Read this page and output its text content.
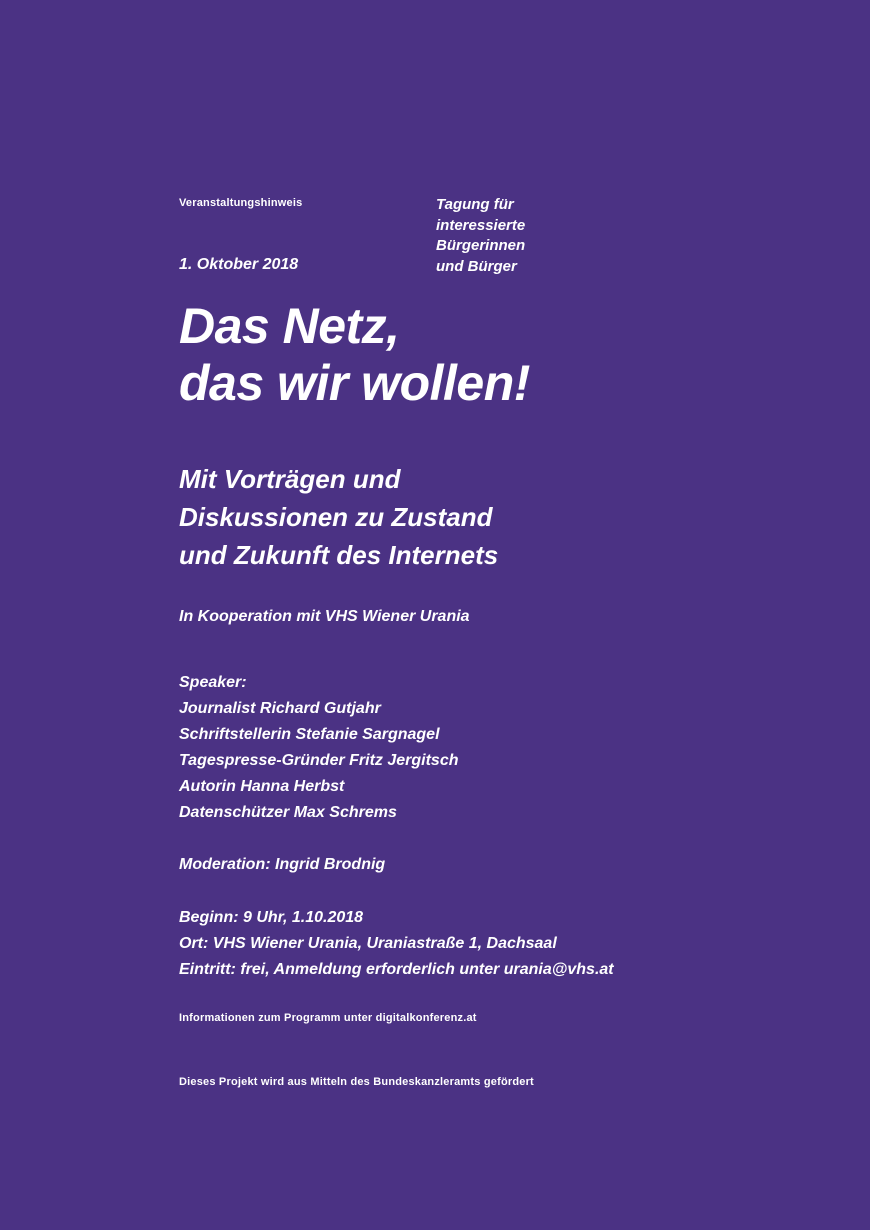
Veranstaltungshinweis
1. Oktober 2018
Tagung für
interessierte
Bürgerinnen
und Bürger
Das Netz,
das wir wollen!
Mit Vorträgen und
Diskussionen zu Zustand
und Zukunft des Internets
In Kooperation mit VHS Wiener Urania
Speaker:
Journalist Richard Gutjahr
Schriftstellerin Stefanie Sargnagel
Tagespresse-Gründer Fritz Jergitsch
Autorin Hanna Herbst
Datenschützer Max Schrems
Moderation: Ingrid Brodnig
Beginn: 9 Uhr, 1.10.2018
Ort: VHS Wiener Urania, Uraniastraße 1, Dachsaal
Eintritt: frei, Anmeldung erforderlich unter urania@vhs.at
Informationen zum Programm unter digitalkonferenz.at
Dieses Projekt wird aus Mitteln des Bundeskanzleramts gefördert
